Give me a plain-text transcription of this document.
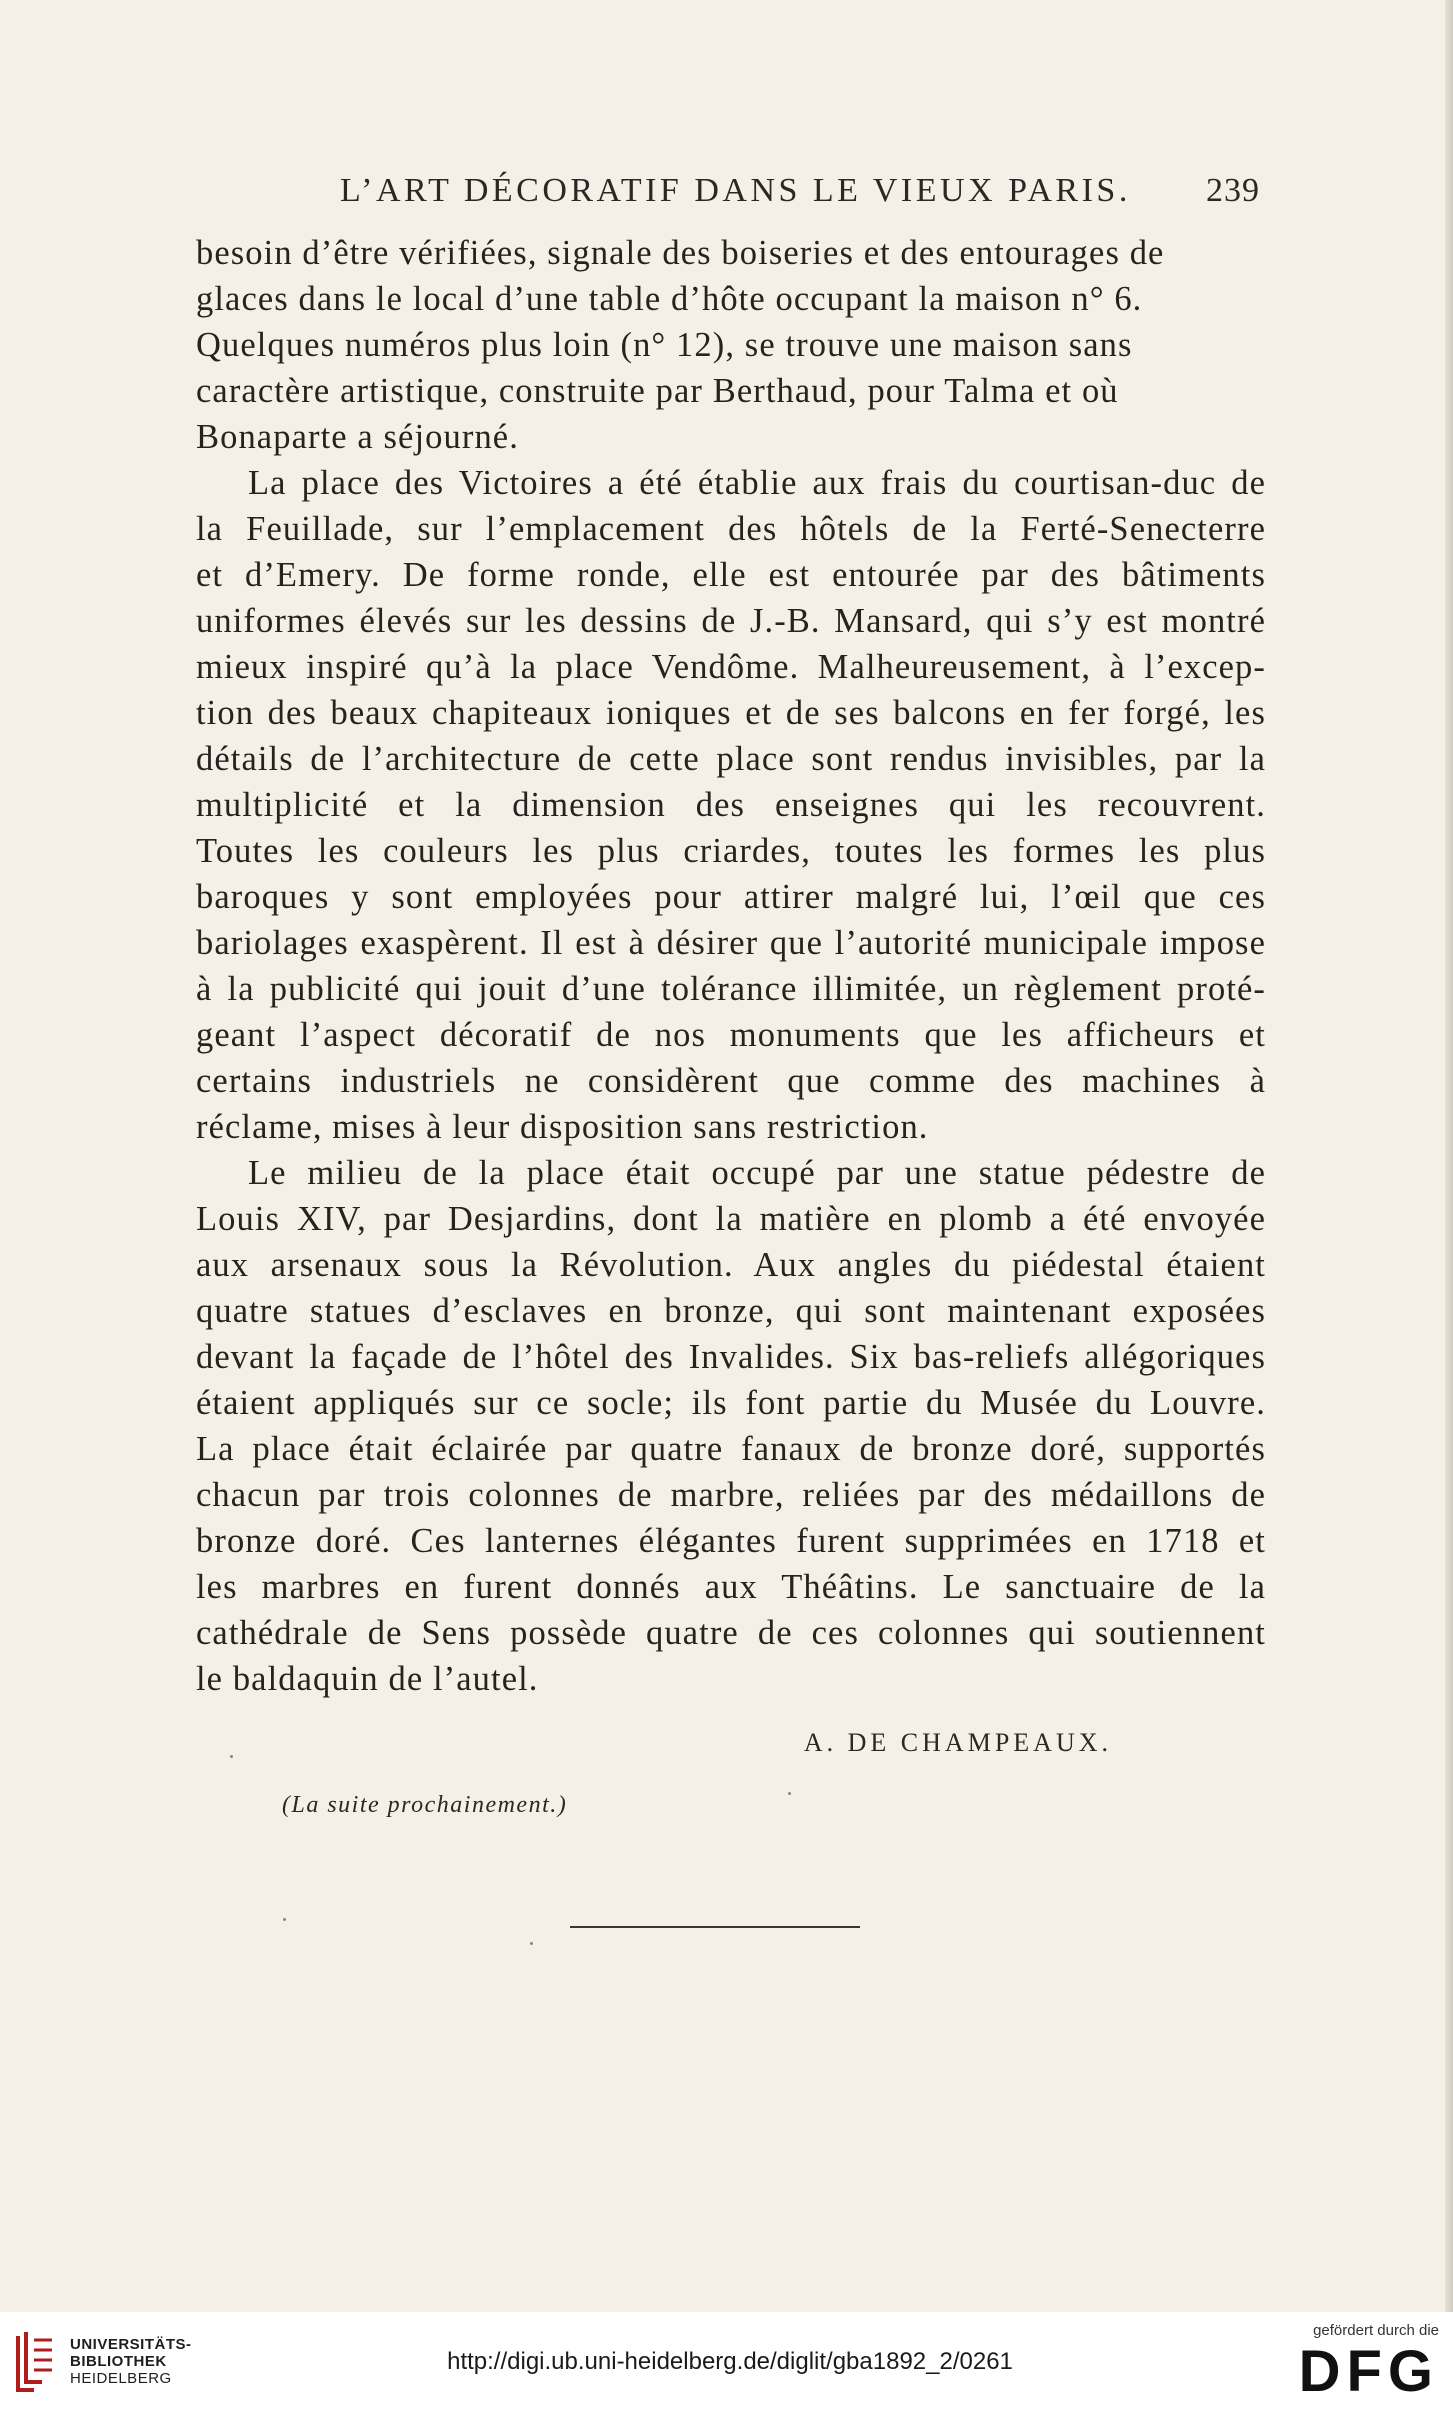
L’ART DÉCORATIF DANS LE VIEUX PARIS. 239

besoin d’être vérifiées, signale des boiseries et des entourages de
glaces dans le local d’une table d’hôte occupant la maison n° 6.
Quelques numéros plus loin (n° 12), se trouve une maison sans
caractère artistique, construite par Berthaud, pour Talma et où
Bonaparte a séjourné.

La place des Victoires a été établie aux frais du courtisan-duc de
la Feuillade, sur l’emplacement des hôtels de la Ferté-Senecterre
et d’Emery. De forme ronde, elle est entourée par des bâtiments
uniformes élevés sur les dessins de J.-B. Mansard, qui s’y est montré
mieux inspiré qu’à la place Vendôme. Malheureusement, à l’excep-
tion des beaux chapiteaux ioniques et de ses balcons en fer forgé, les
détails de l’architecture de cette place sont rendus invisibles, par la
multiplicité et la dimension des enseignes qui les recouvrent.
Toutes les couleurs les plus criardes, toutes les formes les plus
baroques y sont employées pour attirer malgré lui, l’œil que ces
bariolages exaspèrent. Il est à désirer que l’autorité municipale impose
à la publicité qui jouit d’une tolérance illimitée, un règlement proté-
geant l’aspect décoratif de nos monuments que les afficheurs et
certains industriels ne considèrent que comme des machines à
réclame, mises à leur disposition sans restriction.

Le milieu de la place était occupé par une statue pédestre de
Louis XIV, par Desjardins, dont la matière en plomb a été envoyée
aux arsenaux sous la Révolution. Aux angles du piédestal étaient
quatre statues d’esclaves en bronze, qui sont maintenant exposées
devant la façade de l’hôtel des Invalides. Six bas-reliefs allégoriques
étaient appliqués sur ce socle; ils font partie du Musée du Louvre.
La place était éclairée par quatre fanaux de bronze doré, supportés
chacun par trois colonnes de marbre, reliées par des médaillons de
bronze doré. Ces lanternes élégantes furent supprimées en 1718 et
les marbres en furent donnés aux Théâtins. Le sanctuaire de la
cathédrale de Sens possède quatre de ces colonnes qui soutiennent
le baldaquin de l’autel.

A. DE CHAMPEAUX.
(La suite prochainement.)
UNIVERSITÄTS-
BIBLIOTHEK
HEIDELBERG
http://digi.ub.uni-heidelberg.de/diglit/gba1892_2/0261
gefördert durch die
DFG
